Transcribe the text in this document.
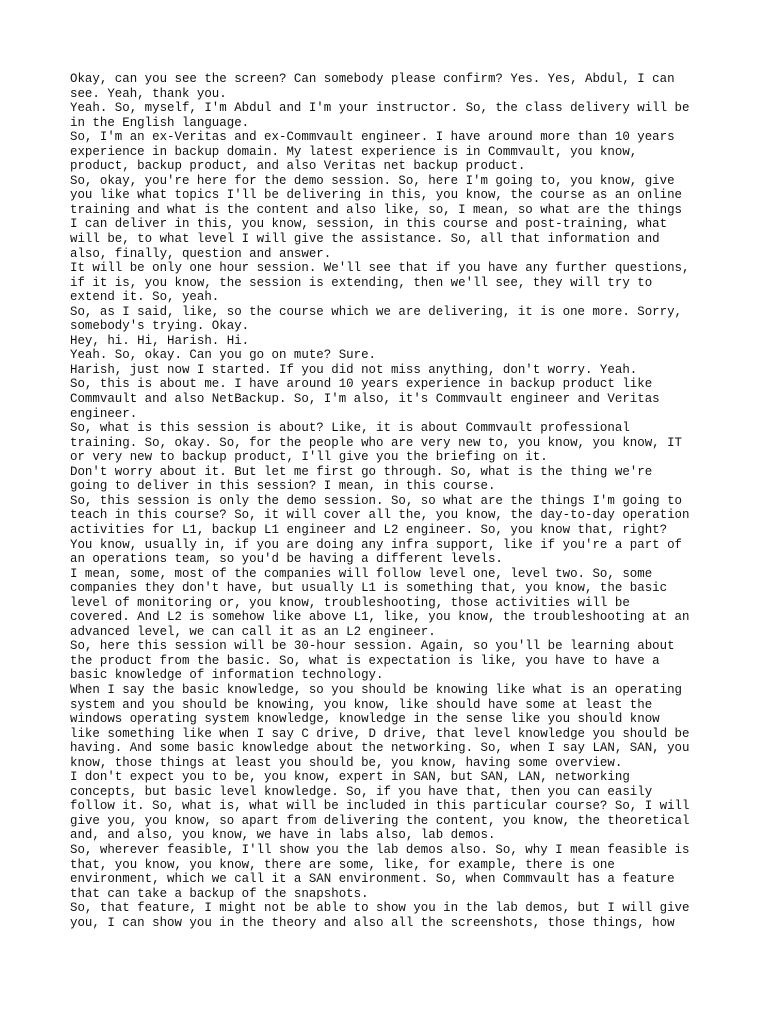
Okay, can you see the screen? Can somebody please confirm? Yes. Yes, Abdul, I can
see. Yeah, thank you.

Yeah. So, myself, I'm Abdul and I'm your instructor. So, the class delivery will be
in the English language.

So, I'm an ex-Veritas and ex-Commvault engineer. I have around more than 10 years
experience in backup domain. My latest experience is in Commvault, you know,
product, backup product, and also Veritas net backup product.

So, okay, you're here for the demo session. So, here I'm going to, you know, give
you like what topics I'll be delivering in this, you know, the course as an online
training and what is the content and also like, so, I mean, so what are the things
I can deliver in this, you know, session, in this course and post-training, what
will be, to what level I will give the assistance. So, all that information and
also, finally, question and answer.

It will be only one hour session. We'll see that if you have any further questions,
if it is, you know, the session is extending, then we'll see, they will try to
extend it. So, yeah.

So, as I said, like, so the course which we are delivering, it is one more. Sorry,
somebody's trying. Okay.

Hey, hi. Hi, Harish. Hi.

Yeah. So, okay. Can you go on mute? Sure.

Harish, just now I started. If you did not miss anything, don't worry. Yeah.

So, this is about me. I have around 10 years experience in backup product like
Commvault and also NetBackup. So, I'm also, it's Commvault engineer and Veritas
engineer.

So, what is this session is about? Like, it is about Commvault professional
training. So, okay. So, for the people who are very new to, you know, you know, IT
or very new to backup product, I'll give you the briefing on it.

Don't worry about it. But let me first go through. So, what is the thing we're
going to deliver in this session? I mean, in this course.

So, this session is only the demo session. So, so what are the things I'm going to
teach in this course? So, it will cover all the, you know, the day-to-day operation
activities for L1, backup L1 engineer and L2 engineer. So, you know that, right?
You know, usually in, if you are doing any infra support, like if you're a part of
an operations team, so you'd be having a different levels.

I mean, some, most of the companies will follow level one, level two. So, some
companies they don't have, but usually L1 is something that, you know, the basic
level of monitoring or, you know, troubleshooting, those activities will be
covered. And L2 is somehow like above L1, like, you know, the troubleshooting at an
advanced level, we can call it as an L2 engineer.

So, here this session will be 30-hour session. Again, so you'll be learning about
the product from the basic. So, what is expectation is like, you have to have a
basic knowledge of information technology.

When I say the basic knowledge, so you should be knowing like what is an operating
system and you should be knowing, you know, like should have some at least the
windows operating system knowledge, knowledge in the sense like you should know
like something like when I say C drive, D drive, that level knowledge you should be
having. And some basic knowledge about the networking. So, when I say LAN, SAN, you
know, those things at least you should be, you know, having some overview.

I don't expect you to be, you know, expert in SAN, but SAN, LAN, networking
concepts, but basic level knowledge. So, if you have that, then you can easily
follow it. So, what is, what will be included in this particular course? So, I will
give you, you know, so apart from delivering the content, you know, the theoretical
and, and also, you know, we have in labs also, lab demos.

So, wherever feasible, I'll show you the lab demos also. So, why I mean feasible is
that, you know, you know, there are some, like, for example, there is one
environment, which we call it a SAN environment. So, when Commvault has a feature
that can take a backup of the snapshots.

So, that feature, I might not be able to show you in the lab demos, but I will give
you, I can show you in the theory and also all the screenshots, those things, how
